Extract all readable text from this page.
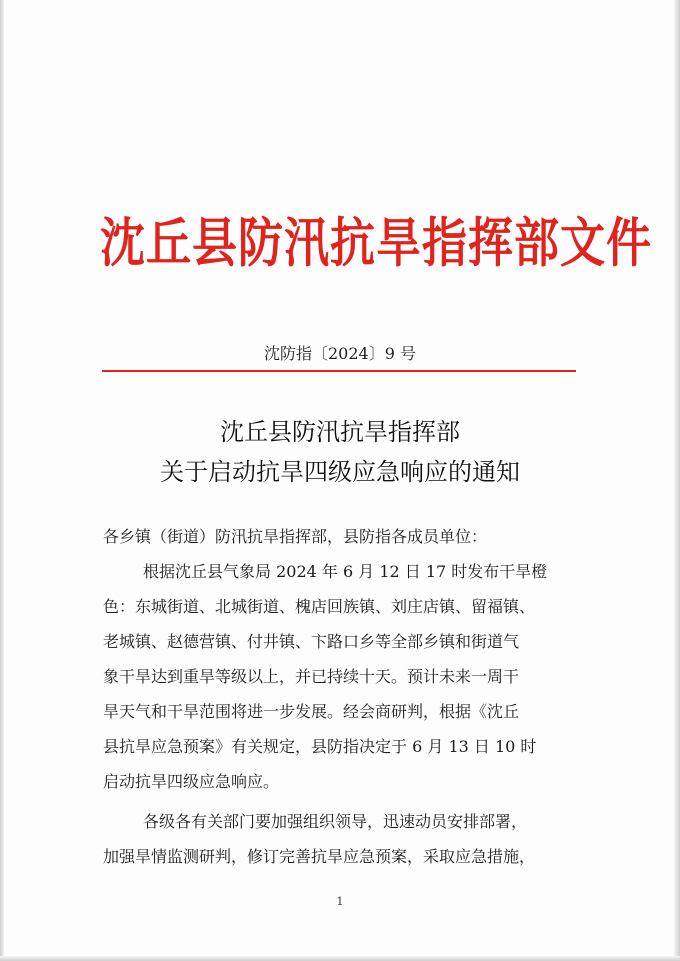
沈丘县防汛抗旱指挥部文件
沈防指〔2024〕9 号
沈丘县防汛抗旱指挥部
关于启动抗旱四级应急响应的通知
各乡镇（街道）防汛抗旱指挥部，县防指各成员单位：
根据沈丘县气象局 2024 年 6 月 12 日 17 时发布干旱橙
色：东城街道、北城街道、槐店回族镇、刘庄店镇、留福镇、
老城镇、赵德营镇、付井镇、卞路口乡等全部乡镇和街道气
象干旱达到重旱等级以上，并已持续十天。预计未来一周干
旱天气和干旱范围将进一步发展。经会商研判，根据《沈丘
县抗旱应急预案》有关规定，县防指决定于 6 月 13 日 10 时
启动抗旱四级应急响应。
各级各有关部门要加强组织领导，迅速动员安排部署，
加强旱情监测研判，修订完善抗旱应急预案，采取应急措施，
1
